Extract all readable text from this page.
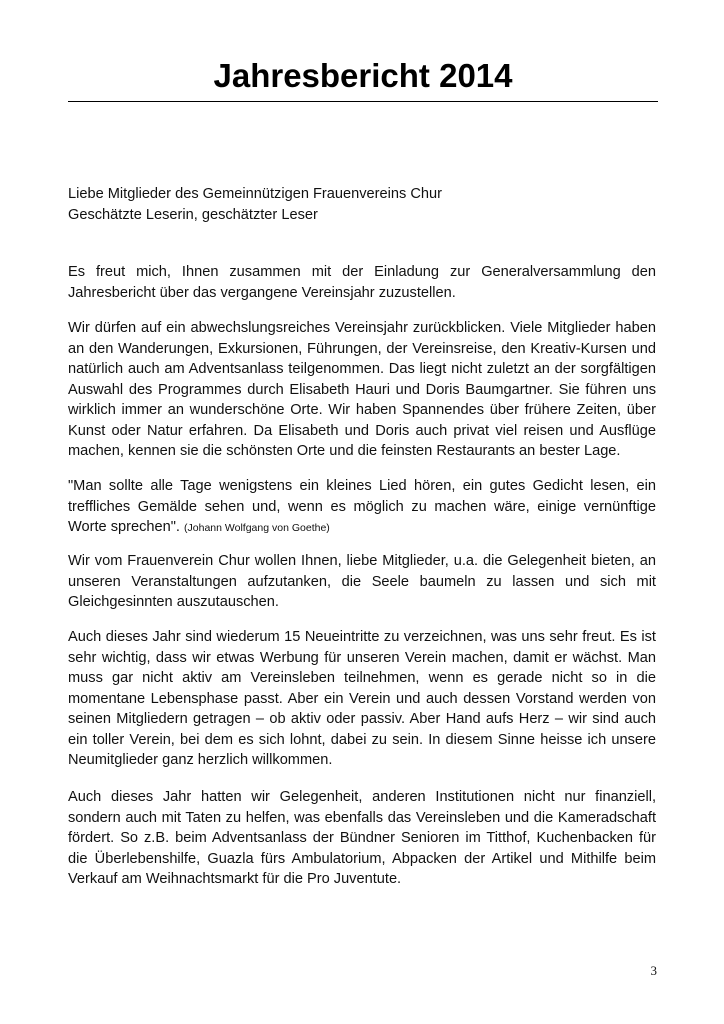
Jahresbericht 2014
Liebe Mitglieder des Gemeinnützigen Frauenvereins Chur
Geschätzte Leserin, geschätzter Leser

Es freut mich, Ihnen zusammen mit der Einladung zur Generalversammlung den Jahresbericht über das vergangene Vereinsjahr zuzustellen.

Wir dürfen auf ein abwechslungsreiches Vereinsjahr zurückblicken. Viele Mitglieder haben an den Wanderungen, Exkursionen, Führungen, der Vereinsreise, den Kreativ-Kursen und natürlich auch am Adventsanlass teilgenommen. Das liegt nicht zuletzt an der sorgfältigen Auswahl des Programmes durch Elisabeth Hauri und Doris Baumgartner. Sie führen uns wirklich immer an wunderschöne Orte. Wir haben Spannendes über frühere Zeiten, über Kunst oder Natur erfahren. Da Elisabeth und Doris auch privat viel reisen und Ausflüge machen, kennen sie die schönsten Orte und die feinsten Restaurants an bester Lage.

"Man sollte alle Tage wenigstens ein kleines Lied hören, ein gutes Gedicht lesen, ein treffliches Gemälde sehen und, wenn es möglich zu machen wäre, einige vernünftige Worte sprechen". (Johann Wolfgang von Goethe)

Wir vom Frauenverein Chur wollen Ihnen, liebe Mitglieder, u.a. die Gelegenheit bieten, an unseren Veranstaltungen aufzutanken, die Seele baumeln zu lassen und sich mit Gleichgesinnten auszutauschen.

Auch dieses Jahr sind wiederum 15 Neueintritte zu verzeichnen, was uns sehr freut. Es ist sehr wichtig, dass wir etwas Werbung für unseren Verein machen, damit er wächst. Man muss gar nicht aktiv am Vereinsleben teilnehmen, wenn es gerade nicht so in die momentane Lebensphase passt. Aber ein Verein und auch dessen Vorstand werden von seinen Mitgliedern getragen – ob aktiv oder passiv. Aber Hand aufs Herz – wir sind auch ein toller Verein, bei dem es sich lohnt, dabei zu sein. In diesem Sinne heisse ich unsere Neumitglieder ganz herzlich willkommen.

Auch dieses Jahr hatten wir Gelegenheit, anderen Institutionen nicht nur finanziell, sondern auch mit Taten zu helfen, was ebenfalls das Vereinsleben und die Kameradschaft fördert. So z.B. beim Adventsanlass der Bündner Senioren im Titthof, Kuchenbacken für die Überlebenshilfe, Guazla fürs Ambulatorium, Abpacken der Artikel und Mithilfe beim Verkauf am Weihnachtsmarkt für die Pro Juventute.

3
